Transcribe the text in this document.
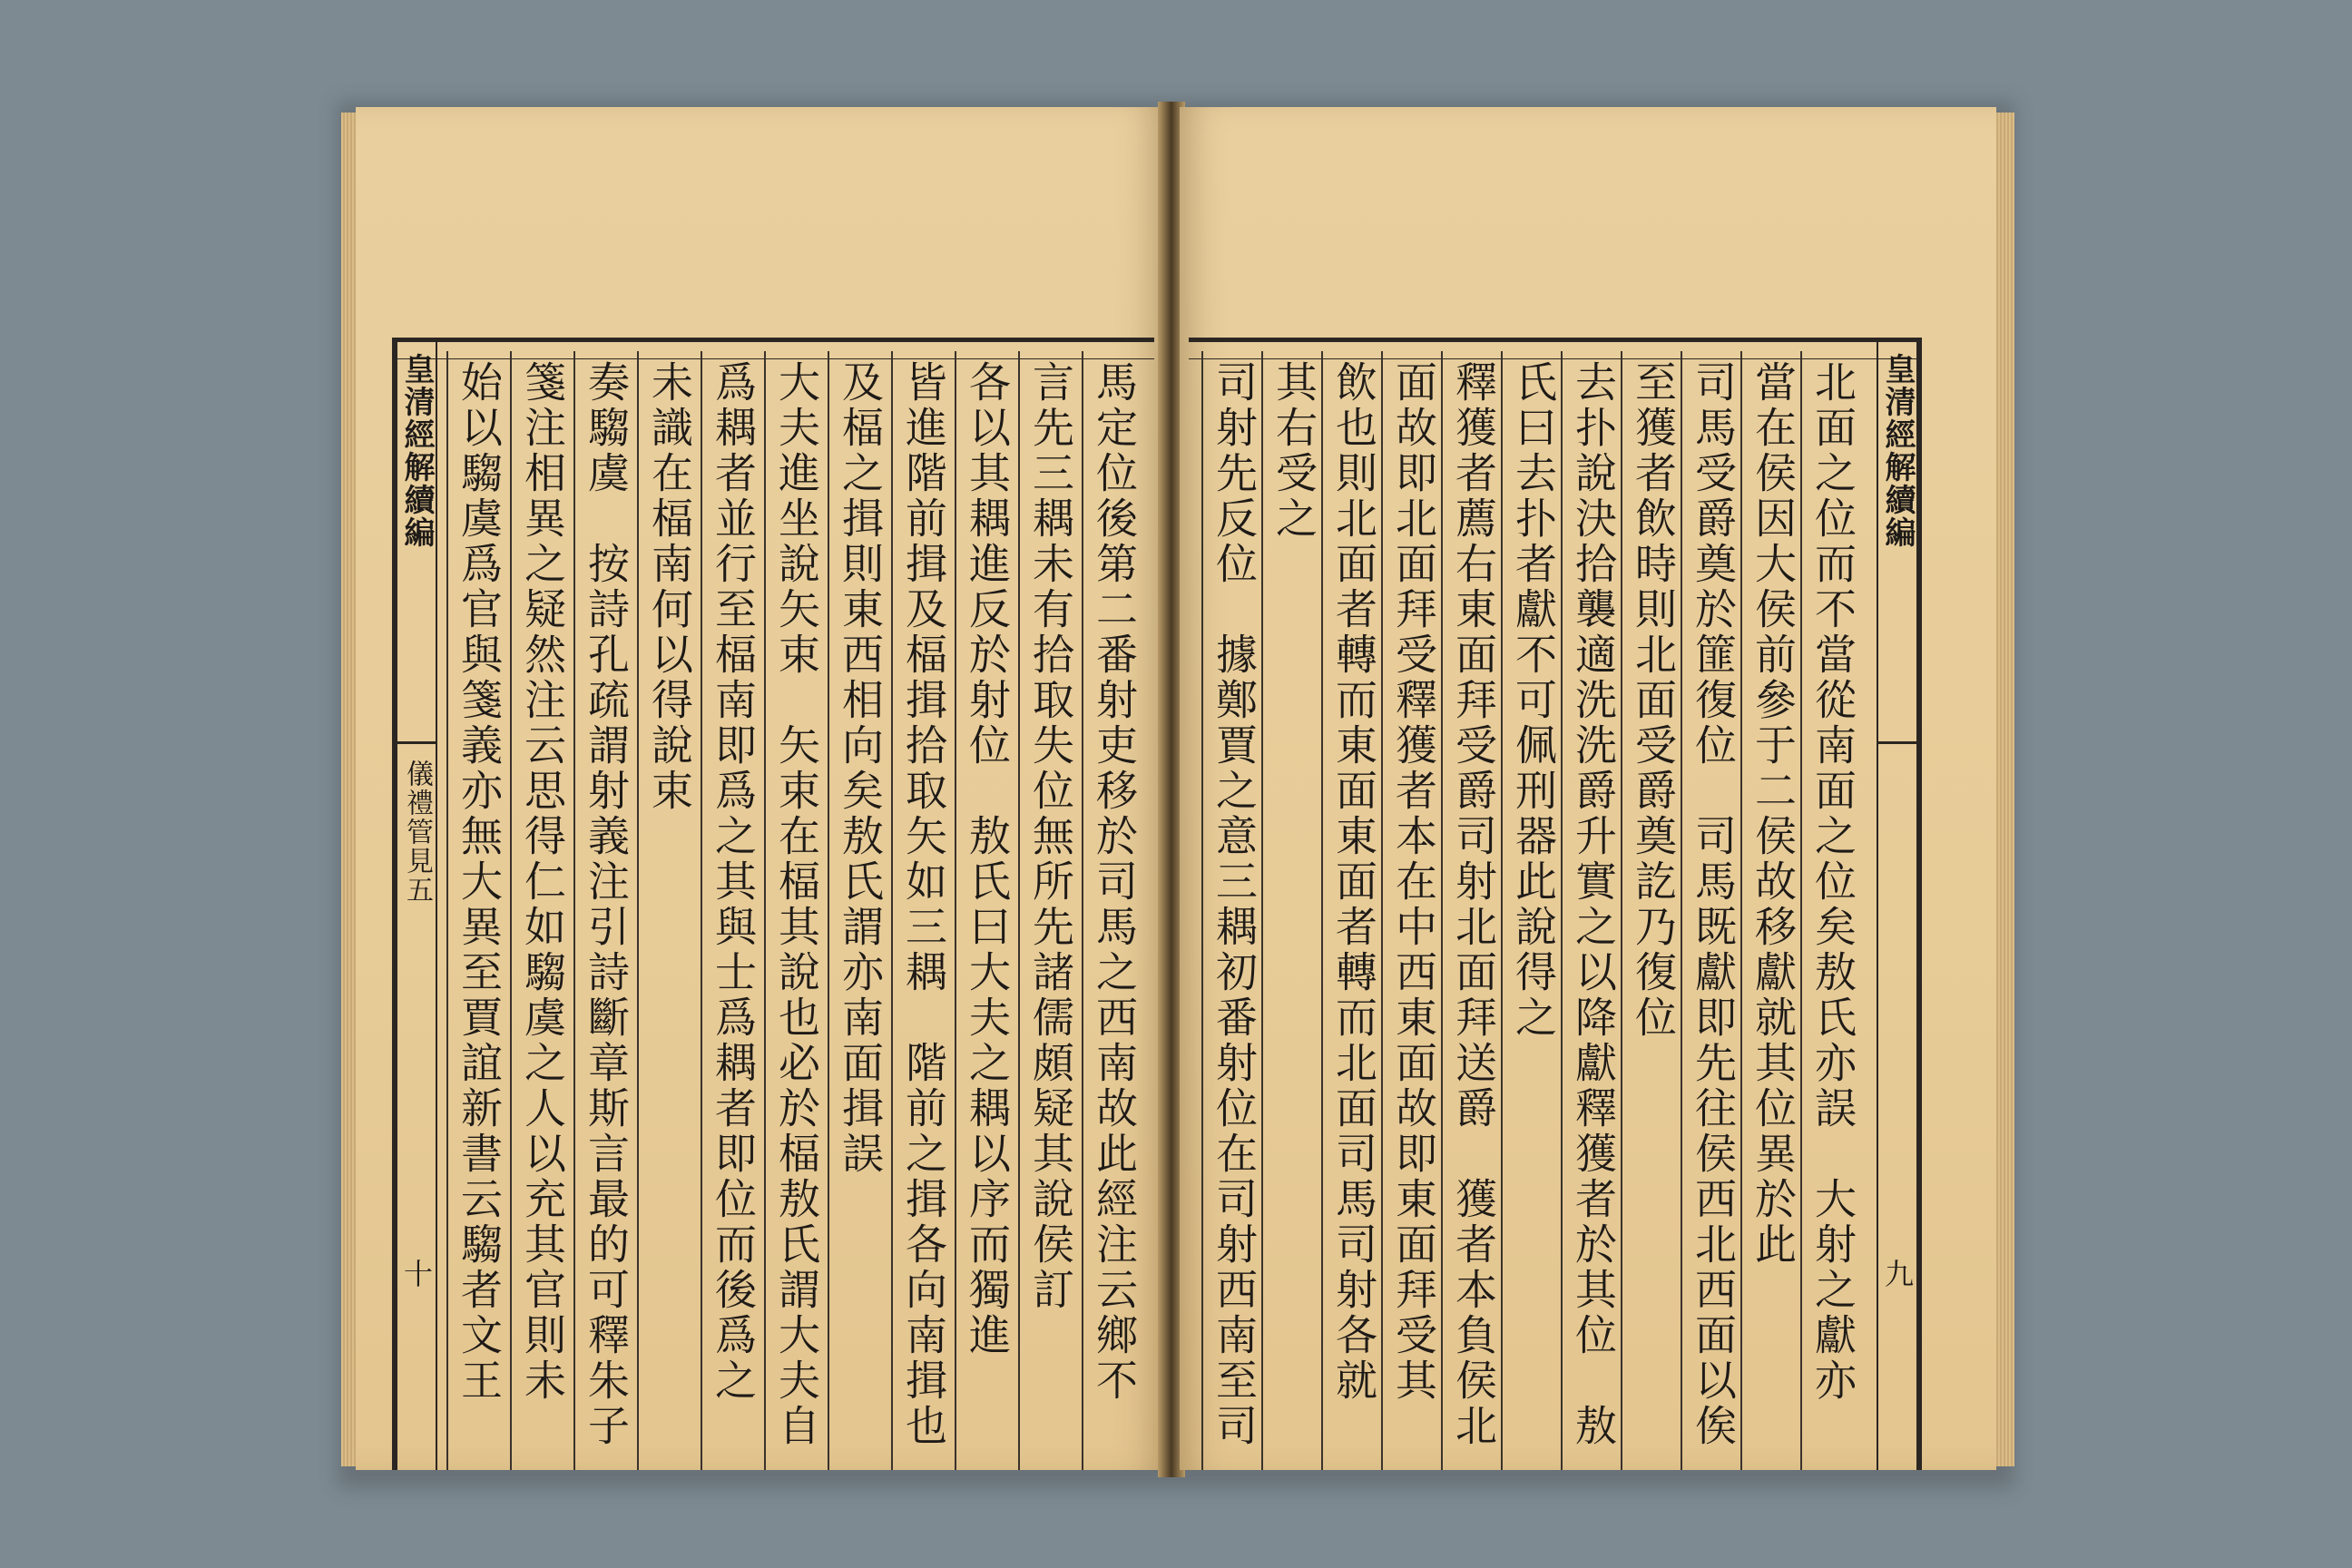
皇清經解續編
儀禮管見五
十	馬定位後第二番射吏移於司馬之西南故此經注云鄉不
言先三耦未有拾取失位無所先諸儒頗疑其說侯訂
各以其耦進反於射位　敖氏曰大夫之耦以序而獨進
皆進階前揖及楅揖拾取矢如三耦　階前之揖各向南揖也
及楅之揖則東西相向矣敖氏謂亦南面揖誤
大夫進坐說矢束　矢束在楅其說也必於楅敖氏謂大夫自
爲耦者並行至楅南即爲之其與士爲耦者即位而後爲之
未識在楅南何以得說束
奏騶虞　按詩孔疏謂射義注引詩斷章斯言最的可釋朱子
箋注相異之疑然注云思得仁如騶虞之人以充其官則未
始以騶虞爲官與箋義亦無大異至賈誼新書云騶者文王	皇清經解續編
九
北面之位而不當從南面之位矣敖氏亦誤　大射之獻亦
當在侯因大侯前參于二侯故移獻就其位異於此
司馬受爵奠於篚復位　司馬既獻即先往侯西北西面以俟
至獲者飲時則北面受爵奠訖乃復位
去扑說決拾襲適洗洗爵升實之以降獻釋獲者於其位　敖
氏曰去扑者獻不可佩刑器此說得之
釋獲者薦右東面拜受爵司射北面拜送爵　獲者本負侯北
面故即北面拜受釋獲者本在中西東面故即東面拜受其
飲也則北面者轉而東面東面者轉而北面司馬司射各就
其右受之
司射先反位　據鄭賈之意三耦初番射位在司射西南至司
